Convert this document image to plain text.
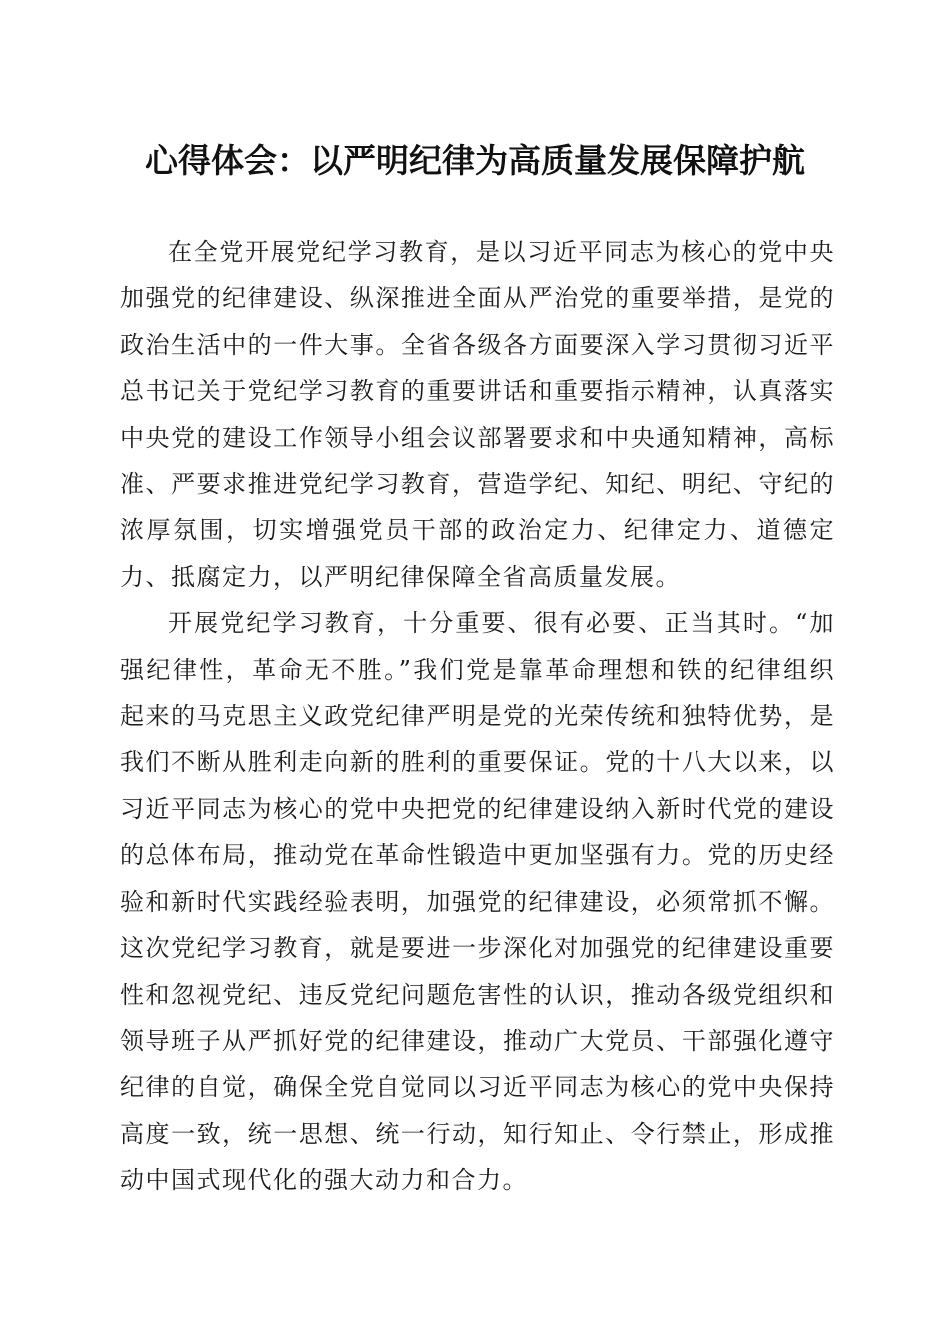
心得体会：以严明纪律为高质量发展保障护航

在全党开展党纪学习教育，是以习近平同志为核心的党中央加强党的纪律建设、纵深推进全面从严治党的重要举措，是党的政治生活中的一件大事。全省各级各方面要深入学习贯彻习近平总书记关于党纪学习教育的重要讲话和重要指示精神，认真落实中央党的建设工作领导小组会议部署要求和中央通知精神，高标准、严要求推进党纪学习教育，营造学纪、知纪、明纪、守纪的浓厚氛围，切实增强党员干部的政治定力、纪律定力、道德定力、抵腐定力，以严明纪律保障全省高质量发展。

开展党纪学习教育，十分重要、很有必要、正当其时。“加强纪律性，革命无不胜。”我们党是靠革命理想和铁的纪律组织起来的马克思主义政党纪律严明是党的光荣传统和独特优势，是我们不断从胜利走向新的胜利的重要保证。党的十八大以来，以习近平同志为核心的党中央把党的纪律建设纳入新时代党的建设的总体布局，推动党在革命性锻造中更加坚强有力。党的历史经验和新时代实践经验表明，加强党的纪律建设，必须常抓不懈。这次党纪学习教育，就是要进一步深化对加强党的纪律建设重要性和忽视党纪、违反党纪问题危害性的认识，推动各级党组织和领导班子从严抓好党的纪律建设，推动广大党员、干部强化遵守纪律的自觉，确保全党自觉同以习近平同志为核心的党中央保持高度一致，统一思想、统一行动，知行知止、令行禁止，形成推动中国式现代化的强大动力和合力。
